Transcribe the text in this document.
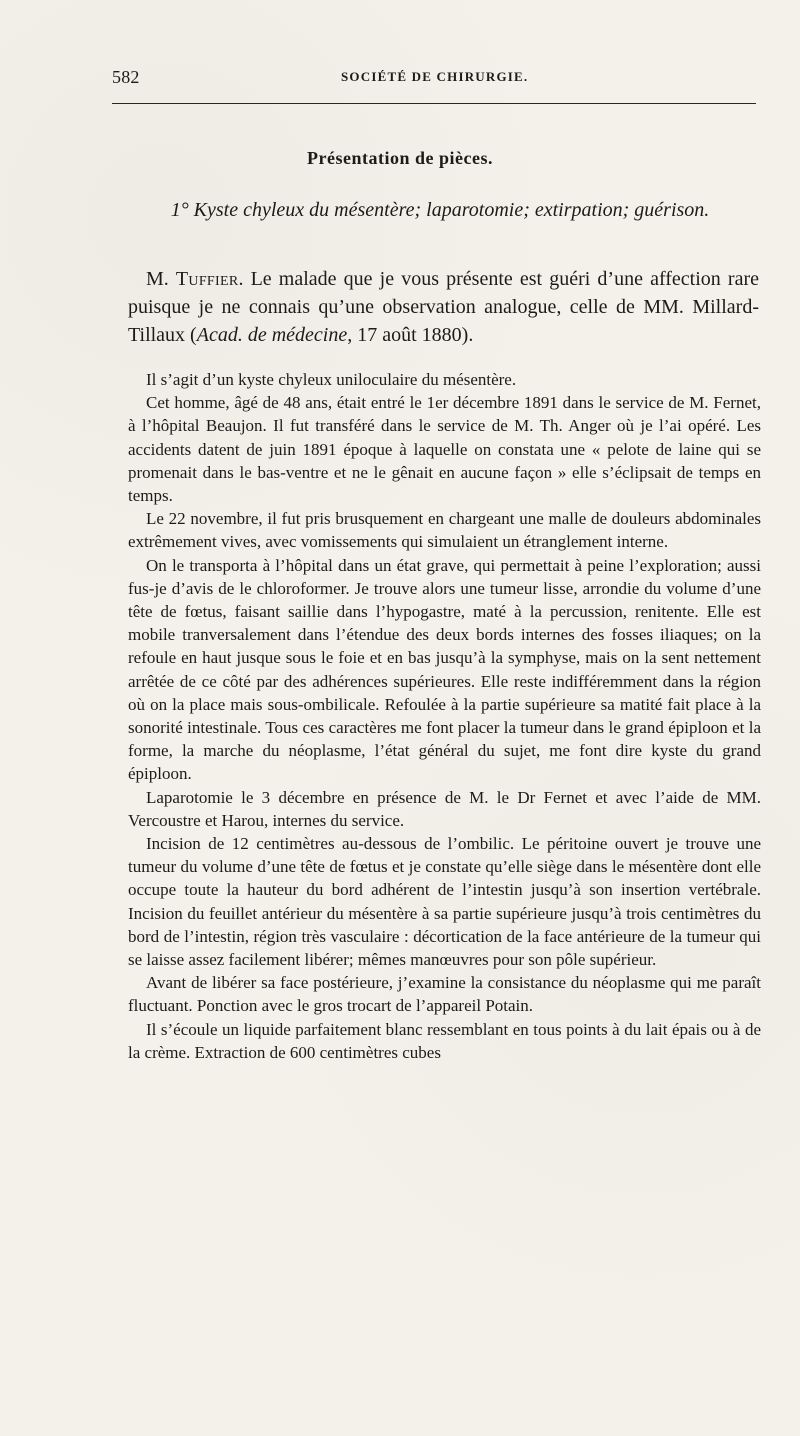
582	SOCIÉTÉ DE CHIRURGIE.
Présentation de pièces.
1° Kyste chyleux du mésentère; laparotomie; extirpation; guérison.
M. Tuffier. Le malade que je vous présente est guéri d’une affection rare puisque je ne connais qu’une observation analogue, celle de MM. Millard-Tillaux (Acad. de médecine, 17 août 1880).

Il s’agit d’un kyste chyleux uniloculaire du mésentère.

Cet homme, âgé de 48 ans, était entré le 1er décembre 1891 dans le service de M. Fernet, à l’hôpital Beaujon. Il fut transféré dans le service de M. Th. Anger où je l’ai opéré. Les accidents datent de juin 1891 époque à laquelle on constata une « pelote de laine qui se promenait dans le bas-ventre et ne le gênait en aucune façon » elle s’éclipsait de temps en temps.

Le 22 novembre, il fut pris brusquement en chargeant une malle de douleurs abdominales extrêmement vives, avec vomissements qui simulaient un étranglement interne.

On le transporta à l’hôpital dans un état grave, qui permettait à peine l’exploration; aussi fus-je d’avis de le chloroformer. Je trouve alors une tumeur lisse, arrondie du volume d’une tête de fœtus, faisant saillie dans l’hypogastre, maté à la percussion, renitente. Elle est mobile tranversalement dans l’étendue des deux bords internes des fosses iliaques; on la refoule en haut jusque sous le foie et en bas jusqu’à la symphyse, mais on la sent nettement arrêtée de ce côté par des adhérences supérieures. Elle reste indifféremment dans la région où on la place mais sous-ombilicale. Refoulée à la partie supérieure sa matité fait place à la sonorité intestinale. Tous ces caractères me font placer la tumeur dans le grand épiploon et la forme, la marche du néoplasme, l’état général du sujet, me font dire kyste du grand épiploon.

Laparotomie le 3 décembre en présence de M. le Dr Fernet et avec l’aide de MM. Vercoustre et Harou, internes du service.

Incision de 12 centimètres au-dessous de l’ombilic. Le péritoine ouvert je trouve une tumeur du volume d’une tête de fœtus et je constate qu’elle siège dans le mésentère dont elle occupe toute la hauteur du bord adhérent de l’intestin jusqu’à son insertion vertébrale. Incision du feuillet antérieur du mésentère à sa partie supérieure jusqu’à trois centimètres du bord de l’intestin, région très vasculaire : décortication de la face antérieure de la tumeur qui se laisse assez facilement libérer; mêmes manœuvres pour son pôle supérieur.

Avant de libérer sa face postérieure, j’examine la consistance du néoplasme qui me paraît fluctuant. Ponction avec le gros trocart de l’appareil Potain.

Il s’écoule un liquide parfaitement blanc ressemblant en tous points à du lait épais ou à de la crème. Extraction de 600 centimètres cubes
